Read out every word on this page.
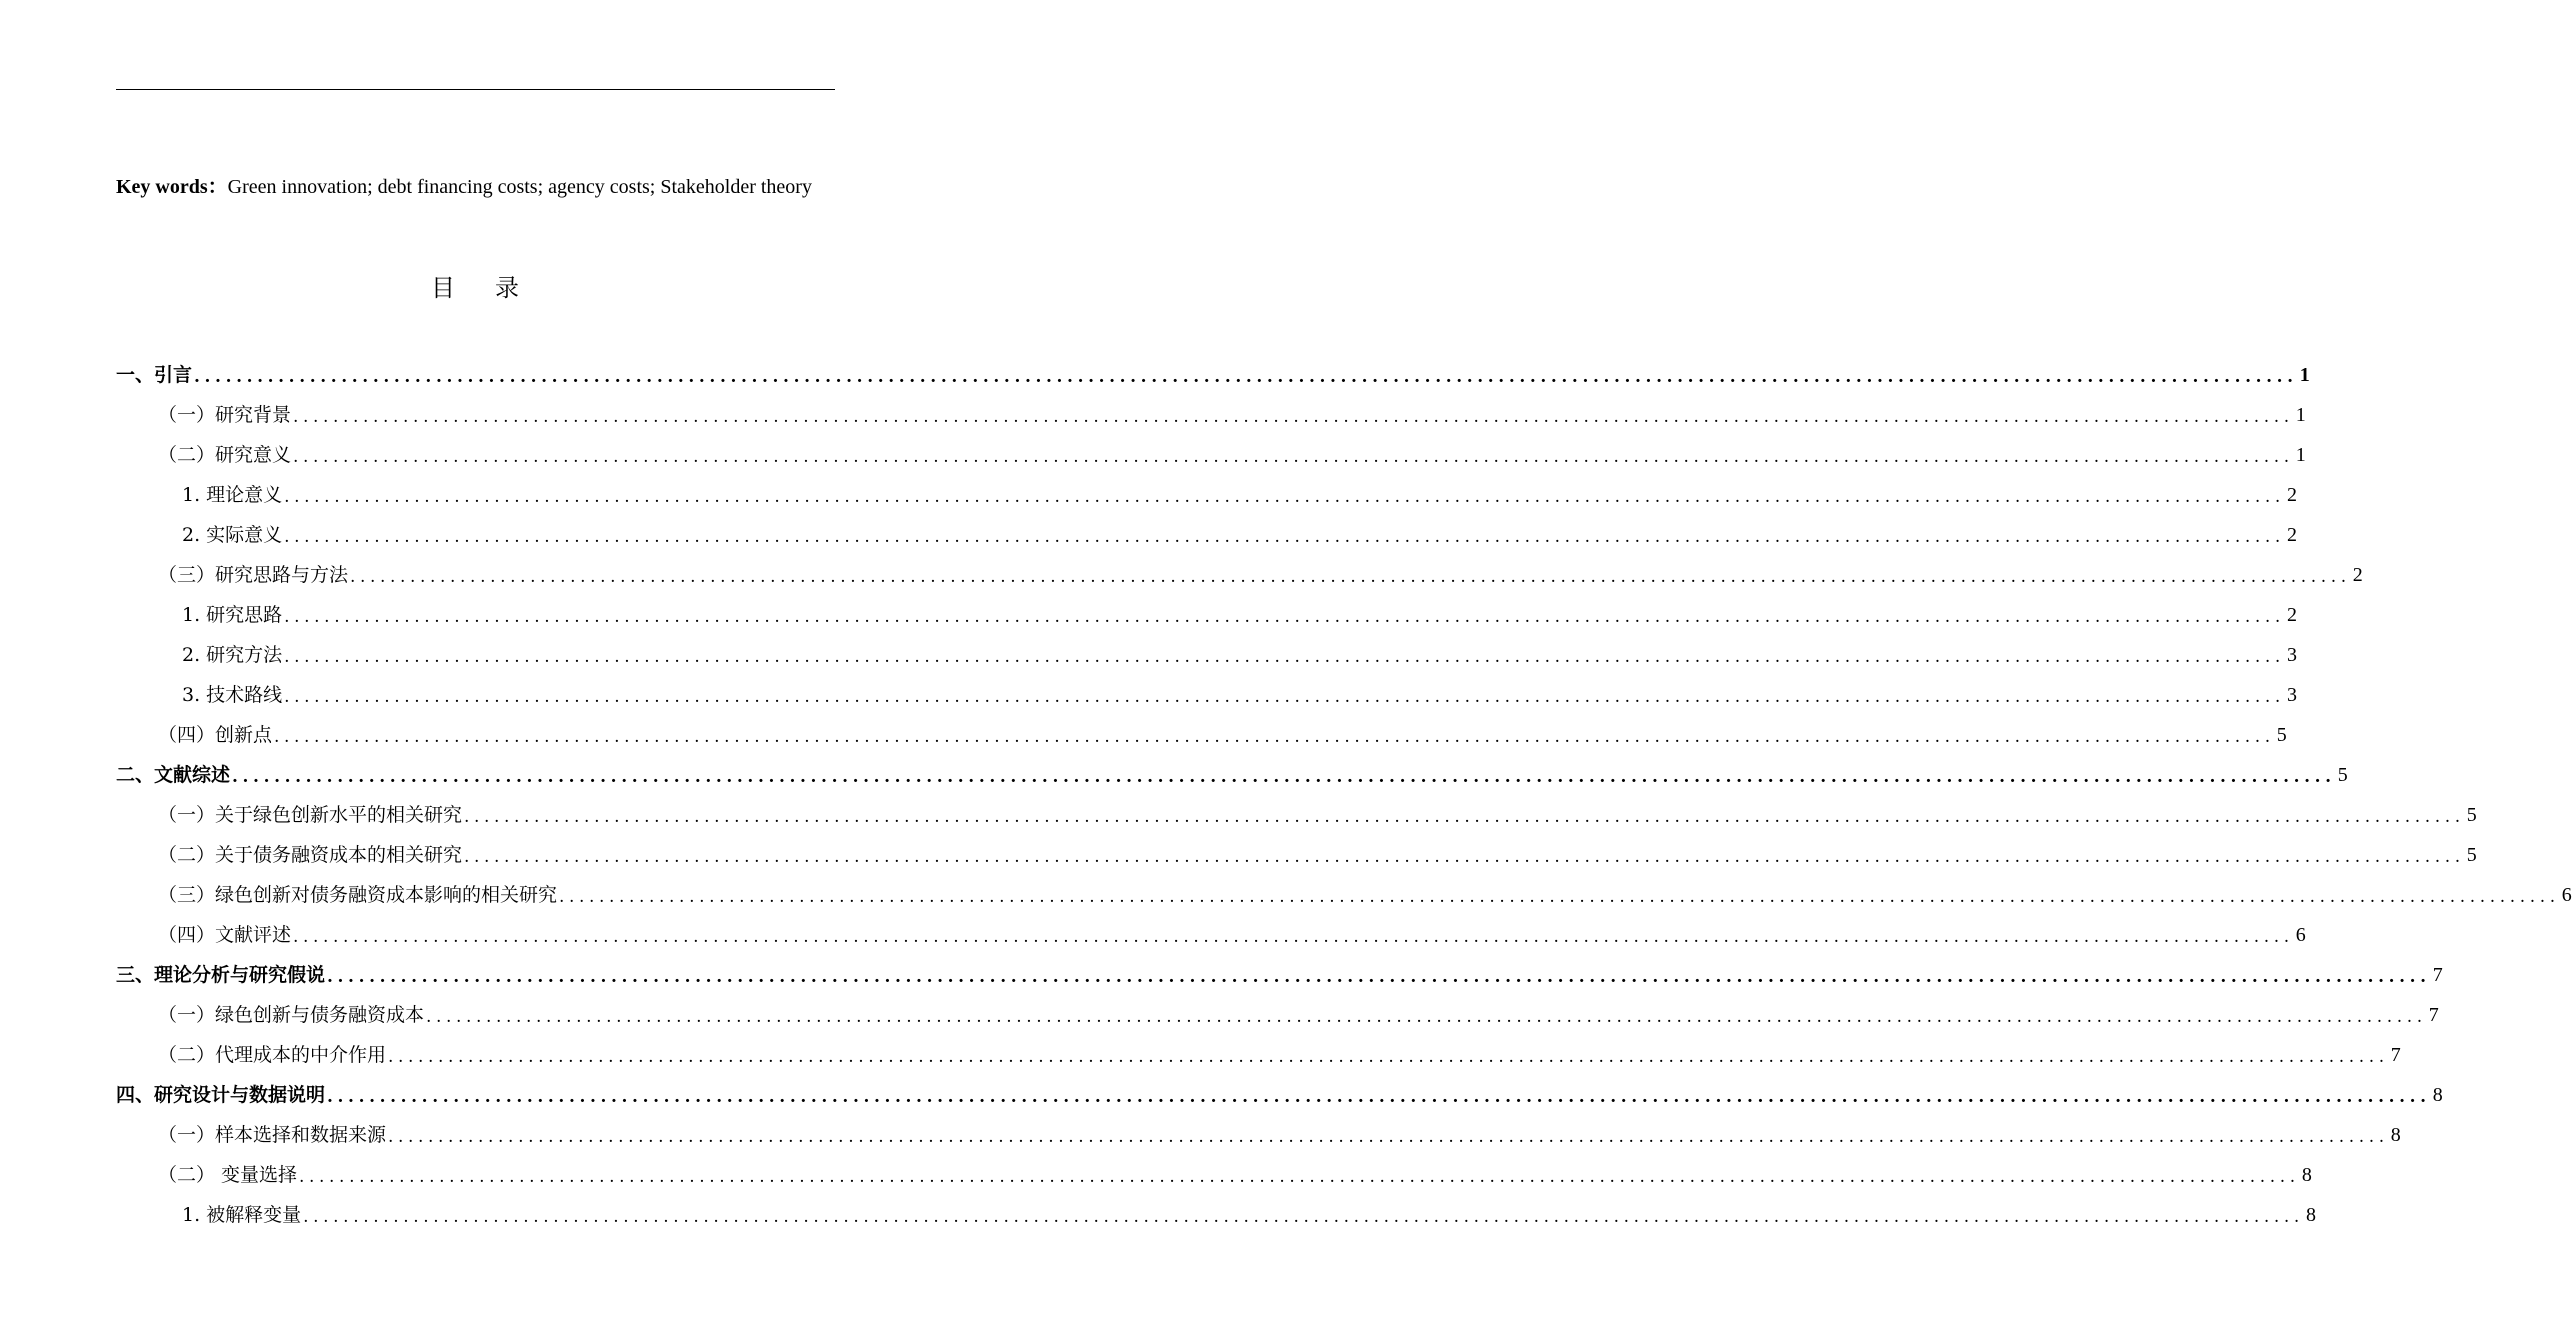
Key words：Green innovation; debt financing costs; agency costs; Stakeholder theory
目录
一、引言 ........................................................................................................................................................................................................ 1
（一）研究背景 ........................................................................................................................................................................................................ 1
（二）研究意义 ........................................................................................................................................................................................................ 1
1. 理论意义 ........................................................................................................................................................................................................ 2
2. 实际意义 ........................................................................................................................................................................................................ 2
（三）研究思路与方法 ........................................................................................................................................................................................................ 2
1. 研究思路 ........................................................................................................................................................................................................ 2
2. 研究方法 ........................................................................................................................................................................................................ 3
3. 技术路线 ........................................................................................................................................................................................................ 3
（四）创新点 ........................................................................................................................................................................................................ 5
二、文献综述 ........................................................................................................................................................................................................ 5
（一）关于绿色创新水平的相关研究 ........................................................................................................................................................................................................ 5
（二）关于债务融资成本的相关研究 ........................................................................................................................................................................................................ 5
（三）绿色创新对债务融资成本影响的相关研究 ........................................................................................................................................................................................................ 6
（四）文献评述 ........................................................................................................................................................................................................ 6
三、理论分析与研究假说 ........................................................................................................................................................................................................ 7
（一）绿色创新与债务融资成本 ........................................................................................................................................................................................................ 7
（二）代理成本的中介作用 ........................................................................................................................................................................................................ 7
四、研究设计与数据说明 ........................................................................................................................................................................................................ 8
（一）样本选择和数据来源 ........................................................................................................................................................................................................ 8
（二） 变量选择 ........................................................................................................................................................................................................ 8
1. 被解释变量 ........................................................................................................................................................................................................ 8
